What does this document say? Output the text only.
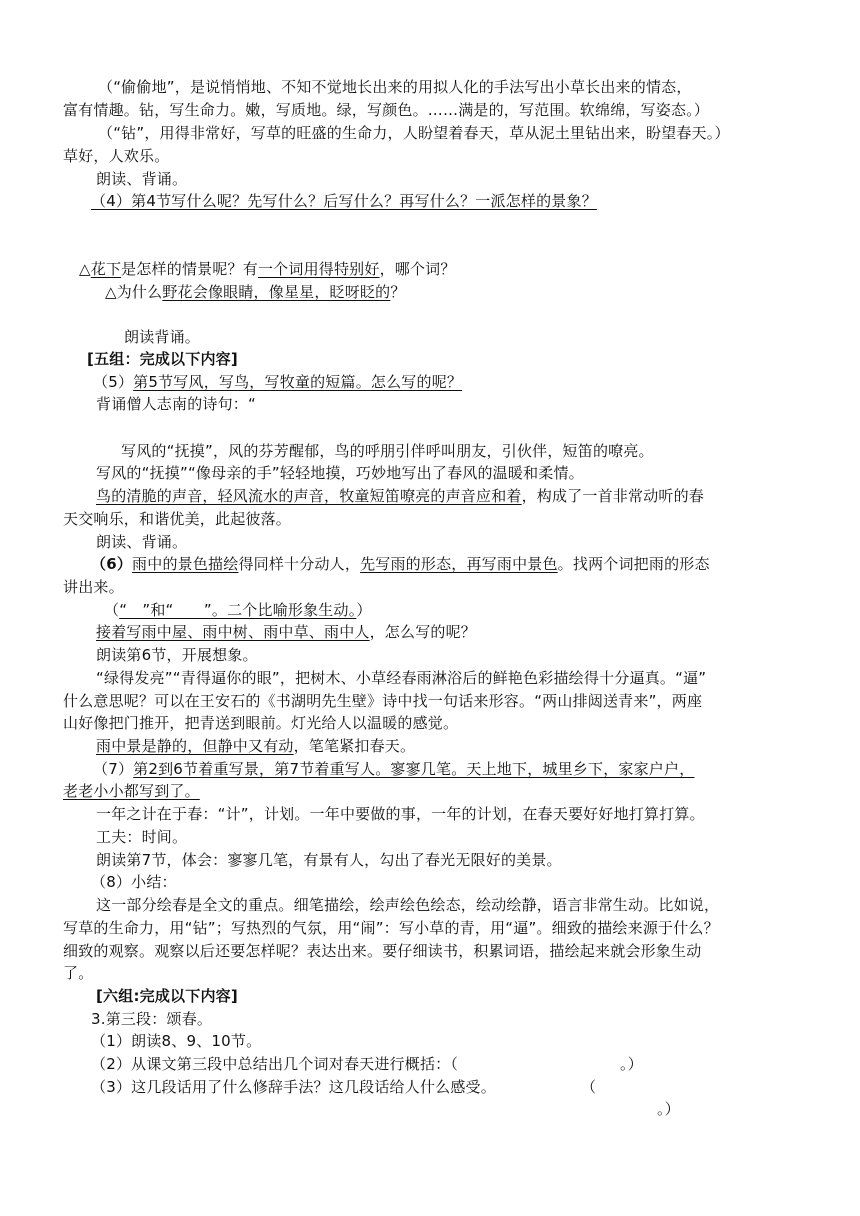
（“偷偷地”，是说悄悄地、不知不觉地长出来的用拟人化的手法写出小草长出来的情态，
富有情趣。钻，写生命力。嫩，写质地。绿，写颜色。……满是的，写范围。软绵绵，写姿态。）
（“钻”，用得非常好，写草的旺盛的生命力，人盼望着春天，草从泥土里钻出来，盼望春天。）
草好，人欢乐。
朗读、背诵。
（4）第4节写什么呢？先写什么？后写什么？再写什么？一派怎样的景象？
△花下是怎样的情景呢？有一个词用得特别好，哪个词？
△为什么野花会像眼睛，像星星，眨呀眨的？
朗读背诵。
[五组：完成以下内容]
（5）第5节写风，写鸟，写牧童的短篇。怎么写的呢？
背诵僧人志南的诗句：“
写风的“抚摸”，风的芬芳醒郁，鸟的呼朋引伴呼叫朋友，引伙伴，短笛的嘹亮。
写风的“抚摸”“像母亲的手”轻轻地摸，巧妙地写出了春风的温暖和柔情。
鸟的清脆的声音，轻风流水的声音，牧童短笛嘹亮的声音应和着，构成了一首非常动听的春
天交响乐，和谐优美，此起彼落。
朗读、背诵。
（6）雨中的景色描绘得同样十分动人，先写雨的形态，再写雨中景色。找两个词把雨的形态
讲出来。
（“　”和“　　”。二个比喻形象生动。）
接着写雨中屋、雨中树、雨中草、雨中人，怎么写的呢？
朗读第6节，开展想象。
“绿得发亮”“青得逼你的眼”，把树木、小草经春雨淋浴后的鲜艳色彩描绘得十分逼真。“逼”
什么意思呢？可以在王安石的《书湖明先生壁》诗中找一句话来形容。“两山排闼送青来”，两座
山好像把门推开，把青送到眼前。灯光给人以温暖的感觉。
雨中景是静的，但静中又有动，笔笔紧扣春天。
（7）第2到6节着重写景，第7节着重写人。寥寥几笔。天上地下，城里乡下，家家户户，
老老小小都写到了。
一年之计在于春：“计”，计划。一年中要做的事，一年的计划，在春天要好好地打算打算。
工夫：时间。
朗读第7节，体会：寥寥几笔，有景有人，勾出了春光无限好的美景。
（8）小结：
这一部分绘春是全文的重点。细笔描绘，绘声绘色绘态，绘动绘静，语言非常生动。比如说，
写草的生命力，用“钻”；写热烈的气氛，用“闹”：写小草的青，用“逼”。细致的描绘来源于什么？
细致的观察。观察以后还要怎样呢？表达出来。要仔细读书，积累词语，描绘起来就会形象生动
了。
[六组:完成以下内容]
3.第三段：颂春。
（1）朗读8、9、10节。
（2）从课文第三段中总结出几个词对春天进行概括：（	。）
（3）这几段话用了什么修辞手法？这几段话给人什么感受。	（
。）
